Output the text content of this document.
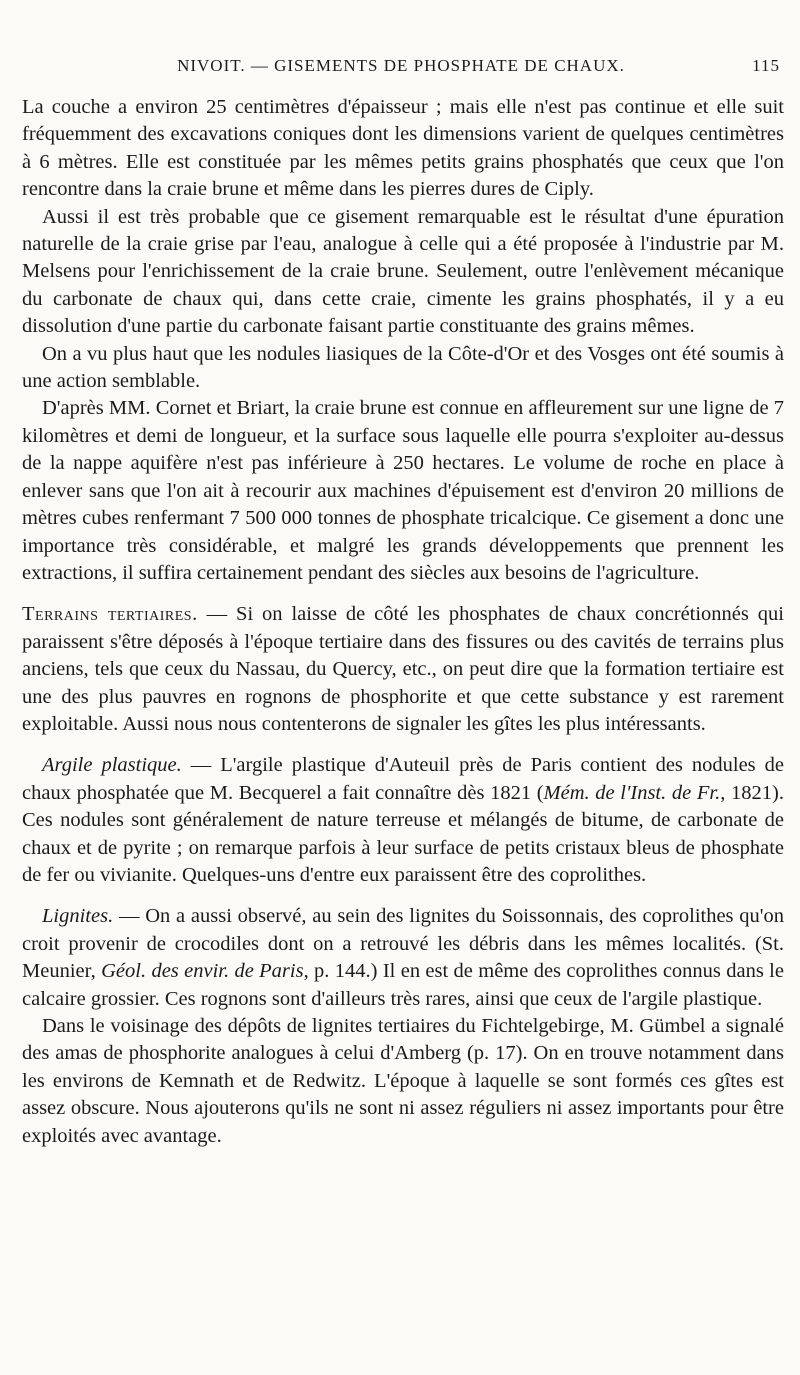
NIVOIT. — GISEMENTS DE PHOSPHATE DE CHAUX.	115

La couche a environ 25 centimètres d'épaisseur ; mais elle n'est pas continue et elle suit fréquemment des excavations coniques dont les dimensions varient de quelques centimètres à 6 mètres. Elle est constituée par les mêmes petits grains phosphatés que ceux que l'on rencontre dans la craie brune et même dans les pierres dures de Ciply.

Aussi il est très probable que ce gisement remarquable est le résultat d'une épuration naturelle de la craie grise par l'eau, analogue à celle qui a été proposée à l'industrie par M. Melsens pour l'enrichissement de la craie brune. Seulement, outre l'enlèvement mécanique du carbonate de chaux qui, dans cette craie, cimente les grains phosphatés, il y a eu dissolution d'une partie du carbonate faisant partie constituante des grains mêmes.

On a vu plus haut que les nodules liasiques de la Côte-d'Or et des Vosges ont été soumis à une action semblable.

D'après MM. Cornet et Briart, la craie brune est connue en affleurement sur une ligne de 7 kilomètres et demi de longueur, et la surface sous laquelle elle pourra s'exploiter au-dessus de la nappe aquifère n'est pas inférieure à 250 hectares. Le volume de roche en place à enlever sans que l'on ait à recourir aux machines d'épuisement est d'environ 20 millions de mètres cubes renfermant 7 500 000 tonnes de phosphate tricalcique. Ce gisement a donc une importance très considérable, et malgré les grands développements que prennent les extractions, il suffira certainement pendant des siècles aux besoins de l'agriculture.

Terrains tertiaires. — Si on laisse de côté les phosphates de chaux concrétionnés qui paraissent s'être déposés à l'époque tertiaire dans des fissures ou des cavités de terrains plus anciens, tels que ceux du Nassau, du Quercy, etc., on peut dire que la formation tertiaire est une des plus pauvres en rognons de phosphorite et que cette substance y est rarement exploitable. Aussi nous nous contenterons de signaler les gîtes les plus intéressants.

Argile plastique. — L'argile plastique d'Auteuil près de Paris contient des nodules de chaux phosphatée que M. Becquerel a fait connaître dès 1821 (Mém. de l'Inst. de Fr., 1821). Ces nodules sont généralement de nature terreuse et mélangés de bitume, de carbonate de chaux et de pyrite ; on remarque parfois à leur surface de petits cristaux bleus de phosphate de fer ou vivianite. Quelques-uns d'entre eux paraissent être des coprolithes.

Lignites. — On a aussi observé, au sein des lignites du Soissonnais, des coprolithes qu'on croit provenir de crocodiles dont on a retrouvé les débris dans les mêmes localités. (St. Meunier, Géol. des envir. de Paris, p. 144.) Il en est de même des coprolithes connus dans le calcaire grossier. Ces rognons sont d'ailleurs très rares, ainsi que ceux de l'argile plastique.

Dans le voisinage des dépôts de lignites tertiaires du Fichtelgebirge, M. Gümbel a signalé des amas de phosphorite analogues à celui d'Amberg (p. 17). On en trouve notamment dans les environs de Kemnath et de Redwitz. L'époque à laquelle se sont formés ces gîtes est assez obscure. Nous ajouterons qu'ils ne sont ni assez réguliers ni assez importants pour être exploités avec avantage.
